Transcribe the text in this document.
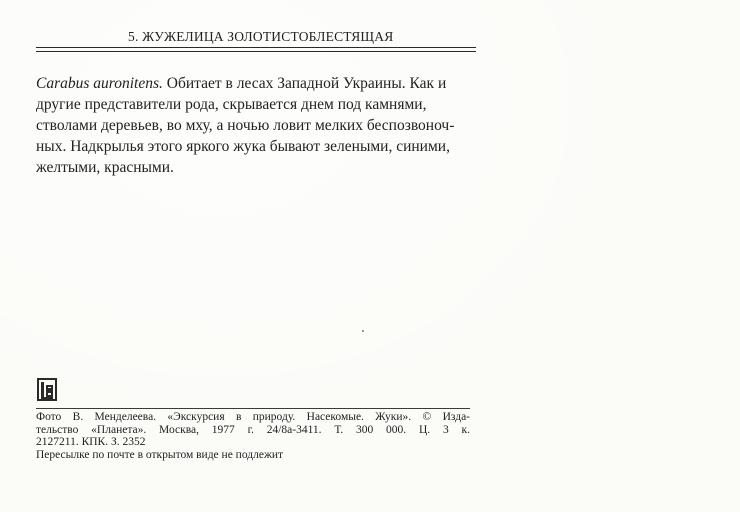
5. ЖУЖЕЛИЦА ЗОЛОТИСТОБЛЕСТЯЩАЯ
Carabus auronitens. Обитает в лесах Западной Украины. Как и
другие представители рода, скрывается днем под камнями,
стволами деревьев, во мху, а ночью ловит мелких беспозвоноч-
ных. Надкрылья этого яркого жука бывают зелеными, синими,
желтыми, красными.
Фото В. Менделеева. «Экскурсия в природу. Насекомые. Жуки». © Изда-
тельство «Планета». Москва, 1977 г. 24/8а-3411. Т. 300 000. Ц. 3 к.
2127211. КПК. З. 2352
Пересылке по почте в открытом виде не подлежит
